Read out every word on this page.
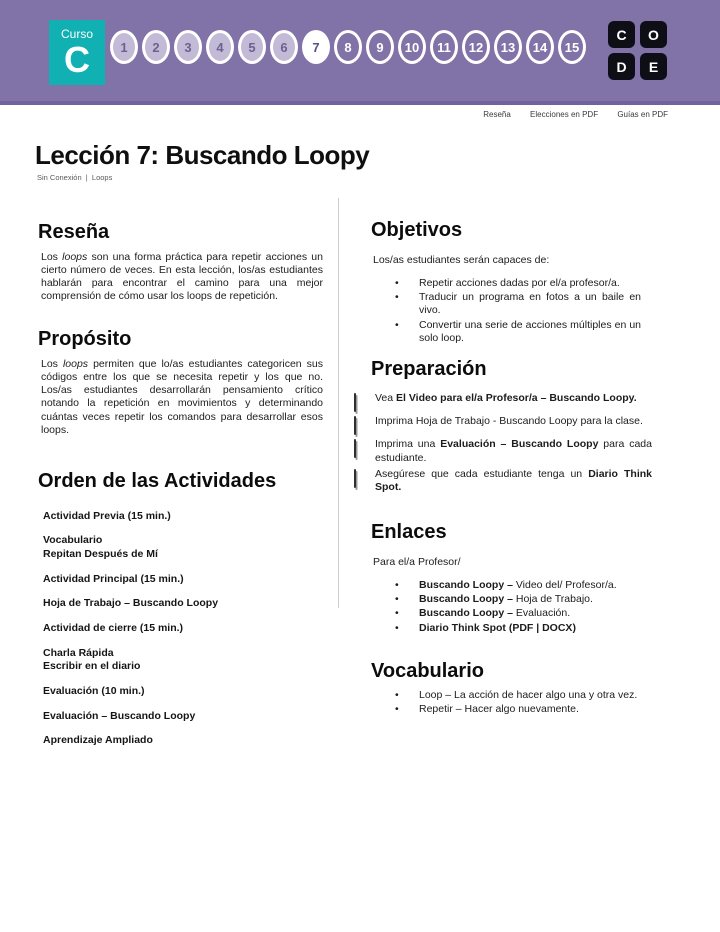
Curso
C	1	2	3	4	5	6	7	8	9	10	11	12	13	14	15
C	O
D	E
Reseña Elecciones en PDF Guías en PDF
Lección 7: Buscando Loopy
Sin Conexión  |  Loops
Reseña

Los loops son una forma práctica para repetir acciones un cierto número de veces. En esta lección, los/as estudiantes hablarán para encontrar el camino para una mejor comprensión de cómo usar los loops de repetición.

Propósito

Los loops permiten que lo/as estudiantes categoricen sus códigos entre los que se necesita repetir y los que no. Los/as estudiantes desarrollarán pensamiento crítico notando la repetición en movimientos y determinando cuántas veces repetir los comandos para desarrollar esos loops.

Orden de las Actividades
Actividad Previa (15 min.)
Vocabulario
Repitan Después de Mí
Actividad Principal (15 min.)
Hoja de Trabajo – Buscando Loopy
Actividad de cierre (15 min.)
Charla Rápida
Escribir en el diario
Evaluación (10 min.)
Evaluación – Buscando Loopy
Aprendizaje Ampliado
Objetivos
Los/as estudiantes serán capaces de:
•	Repetir acciones dadas por el/a profesor/a.
•	Traducir un programa en fotos a un baile en vivo.
•	Convertir una serie de acciones múltiples en un solo loop.
Preparación
Vea El Video para el/a Profesor/a – Buscando Loopy.
Imprima Hoja de Trabajo - Buscando Loopy para la clase.
Imprima una Evaluación – Buscando Loopy para cada estudiante.
Asegúrese que cada estudiante tenga un Diario Think Spot.
Enlaces
Para el/a Profesor/
•	Buscando Loopy – Video del/ Profesor/a.
•	Buscando Loopy – Hoja de Trabajo.
•	Buscando Loopy – Evaluación.
•	Diario Think Spot (PDF | DOCX)
Vocabulario
•	Loop – La acción de hacer algo una y otra vez.
•	Repetir – Hacer algo nuevamente.
